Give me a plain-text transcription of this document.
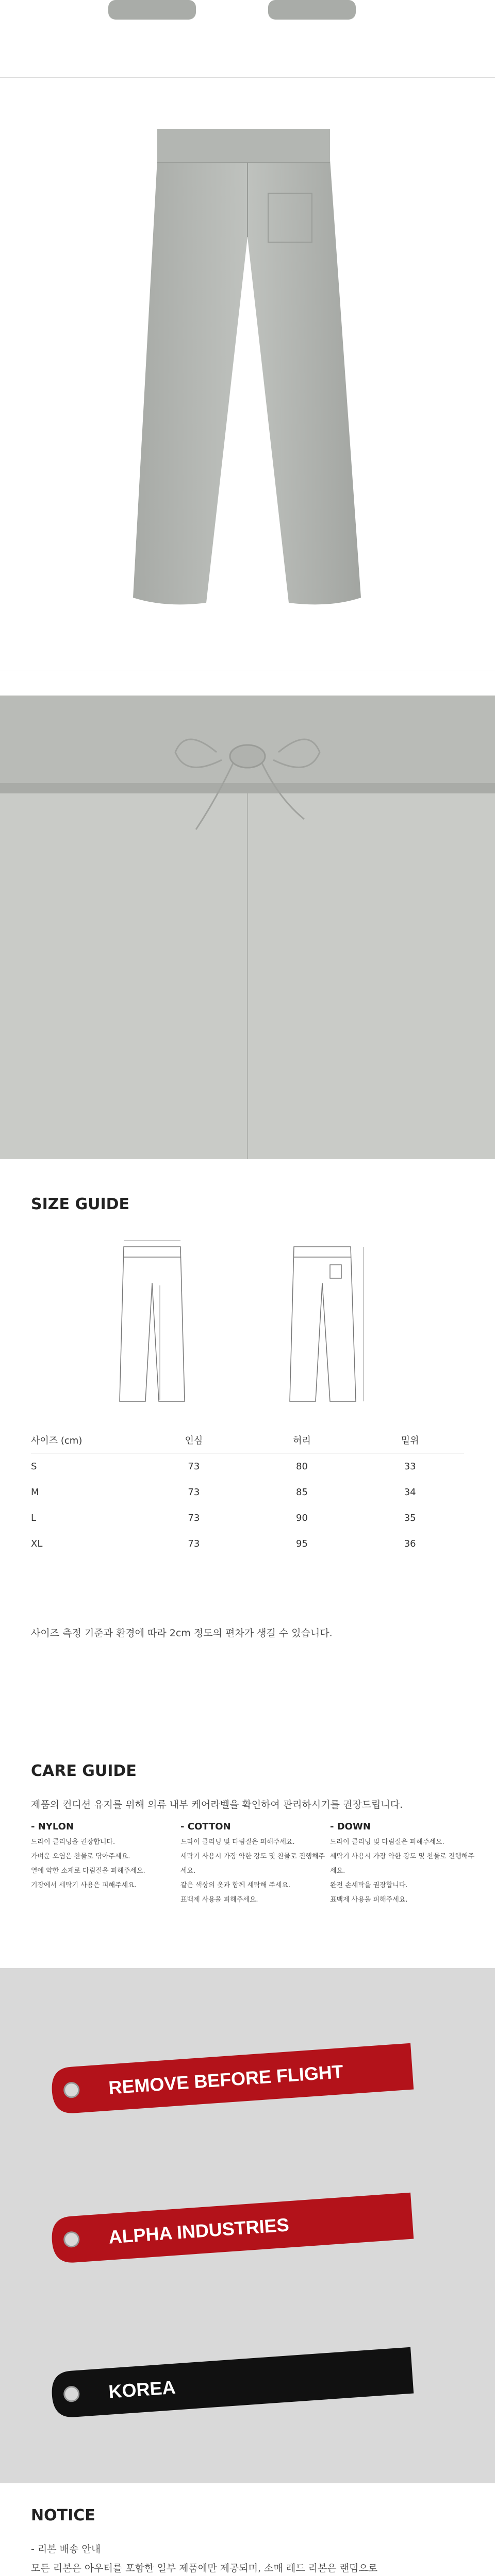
SIZE GUIDE
사이즈 (cm)	인심	허리	밑위
S	73	80	33
M	73	85	34
L	73	90	35
XL	73	95	36
사이즈 측정 기준과 환경에 따라 2cm 정도의 편차가 생길 수 있습니다.
CARE GUIDE

제품의 컨디션 유지를 위해 의류 내부 케어라벨을 확인하여 관리하시기를 권장드립니다.

- NYLON
드라이 클리닝을 권장합니다.
가벼운 오염은 찬물로 닦아주세요.
열에 약한 소재로 다림질을 피해주세요.
기장에서 세탁기 사용은 피해주세요.
- COTTON
드라이 클리닝 및 다림질은 피해주세요.
세탁기 사용시 가장 약한 강도 및 찬물로 진행해주세요.
같은 색상의 옷과 함께 세탁해 주세요.
표백제 사용을 피해주세요.
- DOWN
드라이 클리닝 및 다림질은 피해주세요.
세탁기 사용시 가장 약한 강도 및 찬물로 진행해주세요.
완전 손세탁을 권장합니다.
표백제 사용을 피해주세요.
REMOVE BEFORE FLIGHT
ALPHA INDUSTRIES
KOREA
NOTICE
- 리본 배송 안내
모든 리본은 아우터를 포함한 일부 제품에만 제공되며, 소매 레드 리본은 랜덤으로
